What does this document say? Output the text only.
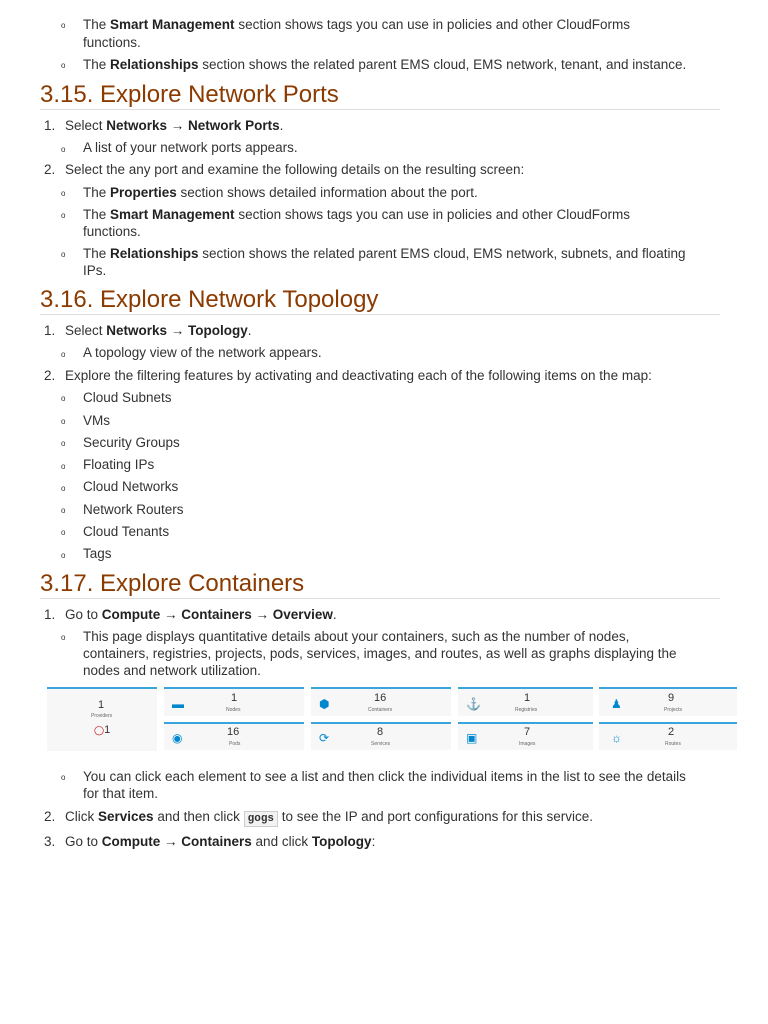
o The Smart Management section shows tags you can use in policies and other CloudForms
functions.
o The Relationships section shows the related parent EMS cloud, EMS network, tenant, and instance.
3.15. Explore Network Ports
1. Select Networks → Network Ports.
o A list of your network ports appears.
2. Select the any port and examine the following details on the resulting screen:
o The Properties section shows detailed information about the port.
o The Smart Management section shows tags you can use in policies and other CloudForms
functions.
o The Relationships section shows the related parent EMS cloud, EMS network, subnets, and floating
IPs.
3.16. Explore Network Topology
1. Select Networks → Topology.
o A topology view of the network appears.
2. Explore the filtering features by activating and deactivating each of the following items on the map:
o Cloud Subnets
o VMs
o Security Groups
o Floating IPs
o Cloud Networks
o Network Routers
o Cloud Tenants
o Tags
3.17. Explore Containers
1. Go to Compute → Containers → Overview.
o This page displays quantitative details about your containers, such as the number of nodes,
containers, registries, projects, pods, services, images, and routes, as well as graphs displaying the
nodes and network utilization.
1
Providers
◯1
▬	1
Nodes	⬢	16
Containers	⚓	1
Registries	♟	9
Projects
◉	16
Pods	⟳	8
Services	▣	7
Images	☼	2
Routes
o You can click each element to see a list and then click the individual items in the list to see the details
for that item.
2. Click Services and then click gogs to see the IP and port configurations for this service.
3. Go to Compute → Containers and click Topology:
